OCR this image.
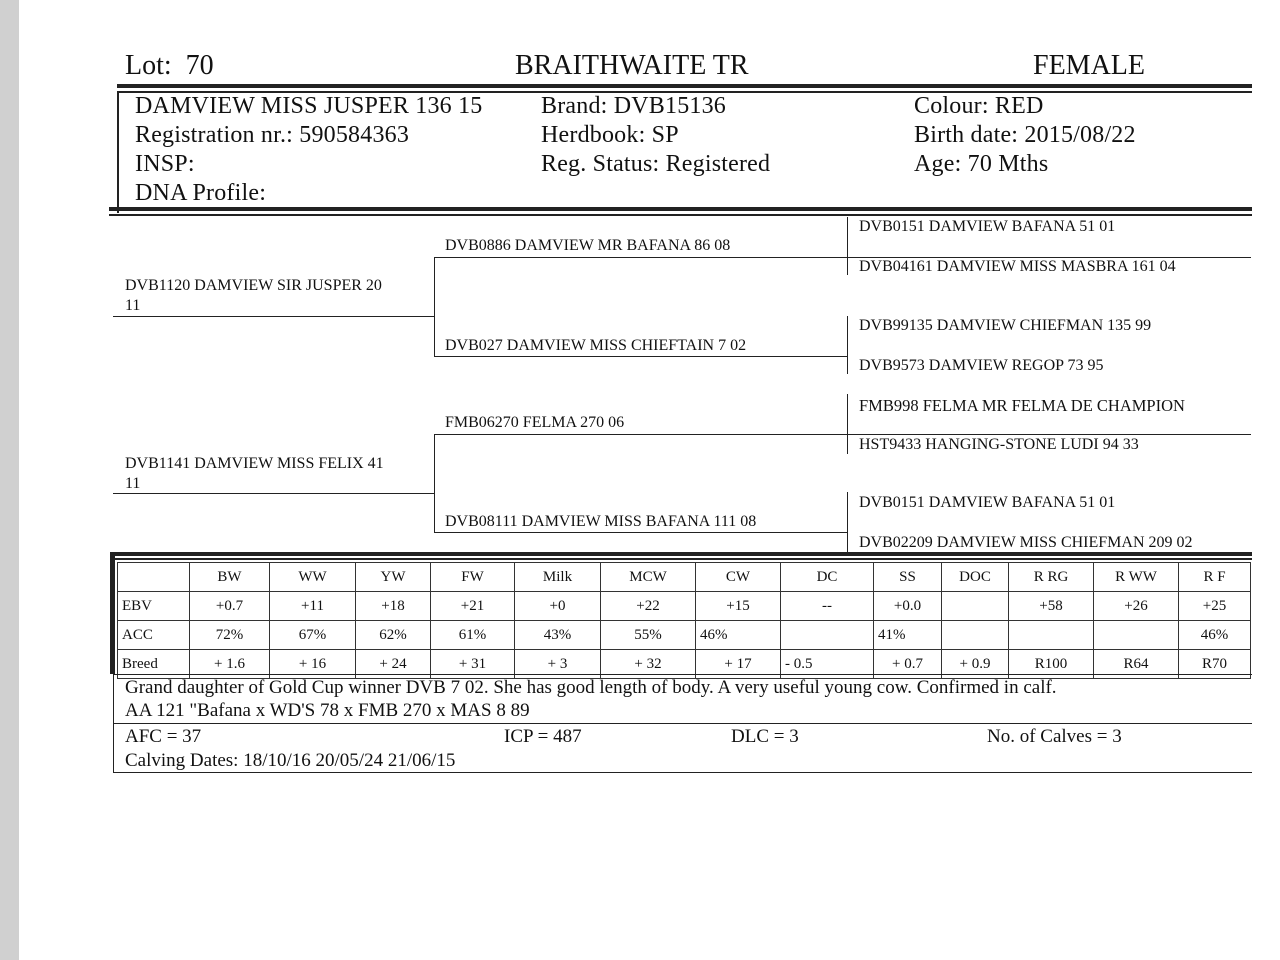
Lot: 70	BRAITHWAITE TR	FEMALE
DAMVIEW MISS JUSPER 136 15
Registration nr.: 590584363
INSP:
DNA Profile:
Brand: DVB15136
Herdbook: SP
Reg. Status: Registered
Colour: RED
Birth date: 2015/08/22
Age: 70 Mths
DVB1120 DAMVIEW SIR JUSPER 20
11
DVB1141 DAMVIEW MISS FELIX 41
11
DVB0886 DAMVIEW MR BAFANA 86 08
DVB027 DAMVIEW MISS CHIEFTAIN 7 02
FMB06270 FELMA 270 06
DVB08111 DAMVIEW MISS BAFANA 111 08
DVB0151 DAMVIEW BAFANA 51 01
DVB04161 DAMVIEW MISS MASBRA 161 04
DVB99135 DAMVIEW CHIEFMAN 135 99
DVB9573 DAMVIEW REGOP 73 95
FMB998 FELMA MR FELMA DE CHAMPION
HST9433 HANGING-STONE LUDI 94 33
DVB0151 DAMVIEW BAFANA 51 01
DVB02209 DAMVIEW MISS CHIEFMAN 209 02
	BW	WW	YW	FW	Milk	MCW	CW	DC	SS	DOC	R RG	R WW	R F
EBV	+0.7	+11	+18	+21	+0	+22	+15	--	+0.0		+58	+26	+25
ACC	72%	67%	62%	61%	43%	55%	46%		41%				46%
Breed	+ 1.6	+ 16	+ 24	+ 31	+ 3	+ 32	+ 17	- 0.5	+ 0.7	+ 0.9	R100	R64	R70
Grand daughter of Gold Cup winner DVB 7 02. She has good length of body. A very useful young cow. Confirmed in calf.
AA 121 "Bafana x WD'S 78 x FMB 270 x MAS 8 89
AFC = 37	ICP = 487	DLC = 3	No. of Calves = 3
Calving Dates: 18/10/16 20/05/24 21/06/15
